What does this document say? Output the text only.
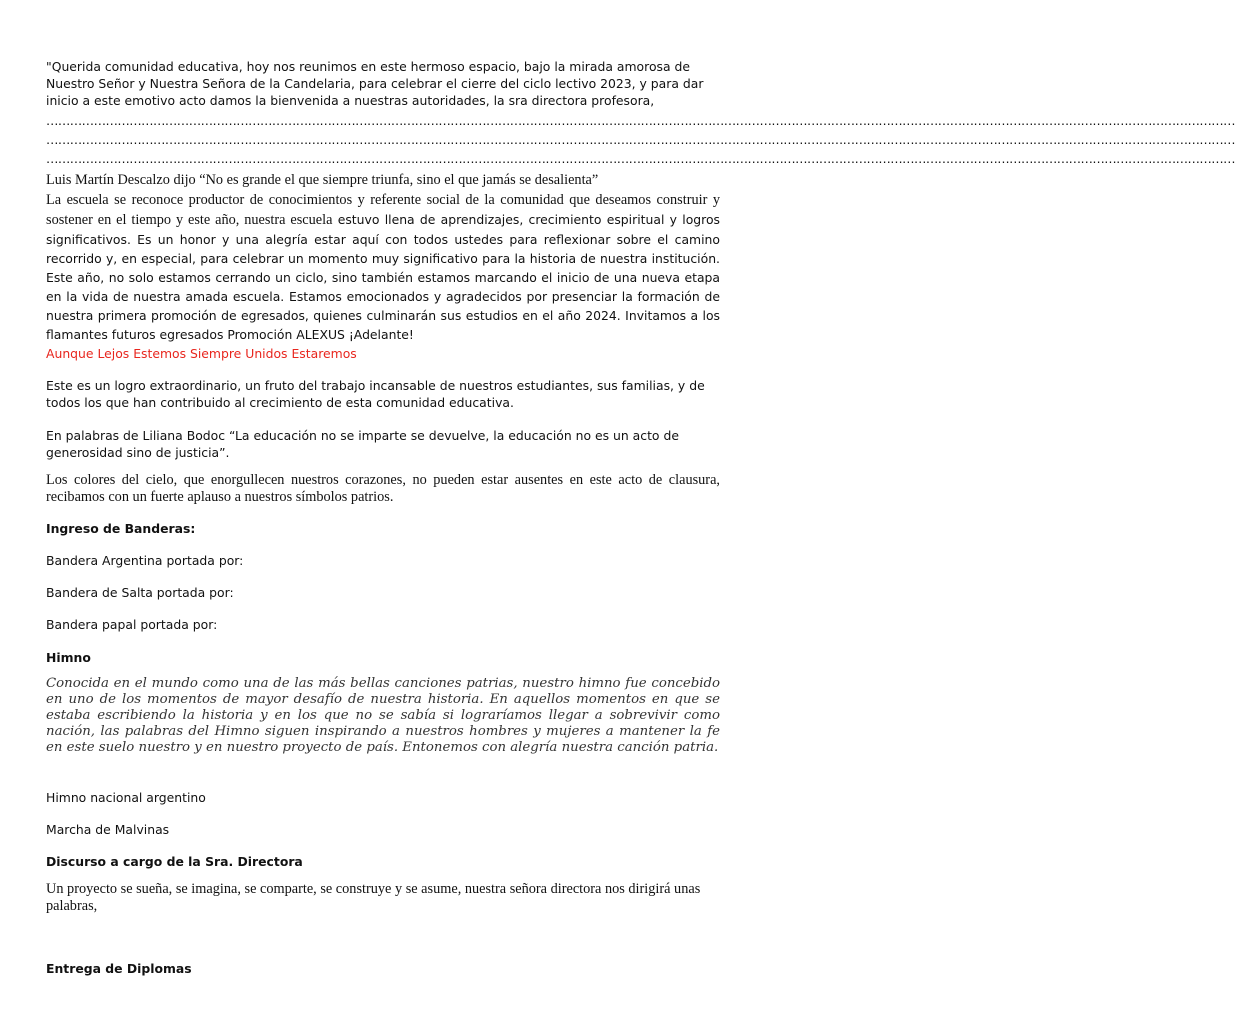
"Querida comunidad educativa, hoy nos reunimos en este hermoso espacio, bajo la mirada amorosa de Nuestro Señor y Nuestra Señora de la Candelaria, para celebrar el cierre del ciclo lectivo 2023, y para dar inicio a este emotivo acto damos la bienvenida a nuestras autoridades, la sra directora profesora,

…………………………………………………………………………………………………………………………………………………………………………………………………………………………………………………………………………
…………………………………………………………………………………………………………………………………………………………………………………………………………………………………………………………………………
…………………………………………………………………………………………………………………………………………………………………………………………………………………………………………………………………………

Luis Martín Descalzo dijo “No es grande el que siempre triunfa, sino el que jamás se desalienta”

La escuela se reconoce productor de conocimientos y referente social de la comunidad que deseamos construir y sostener en el tiempo y este año, nuestra escuela estuvo llena de aprendizajes, crecimiento espiritual y logros significativos. Es un honor y una alegría estar aquí con todos ustedes para reflexionar sobre el camino recorrido y, en especial, para celebrar un momento muy significativo para la historia de nuestra institución. Este año, no solo estamos cerrando un ciclo, sino también estamos marcando el inicio de una nueva etapa en la vida de nuestra amada escuela. Estamos emocionados y agradecidos por presenciar la formación de nuestra primera promoción de egresados, quienes culminarán sus estudios en el año 2024. Invitamos a los flamantes futuros egresados Promoción ALEXUS ¡Adelante!

Aunque Lejos Estemos Siempre Unidos Estaremos

Este es un logro extraordinario, un fruto del trabajo incansable de nuestros estudiantes, sus familias, y de todos los que han contribuido al crecimiento de esta comunidad educativa.

En palabras de Liliana Bodoc “La educación no se imparte se devuelve, la educación no es un acto de generosidad sino de justicia”.

Los colores del cielo, que enorgullecen nuestros corazones, no pueden estar ausentes en este acto de clausura, recibamos con un fuerte aplauso a nuestros símbolos patrios.

Ingreso de Banderas:

Bandera Argentina portada por:

Bandera de Salta portada por:

Bandera papal portada por:

Himno

Conocida en el mundo como una de las más bellas canciones patrias, nuestro himno fue concebido en uno de los momentos de mayor desafío de nuestra historia. En aquellos momentos en que se estaba escribiendo la historia y en los que no se sabía si lograríamos llegar a sobrevivir como nación, las palabras del Himno siguen inspirando a nuestros hombres y mujeres a mantener la fe en este suelo nuestro y en nuestro proyecto de país. Entonemos con alegría nuestra canción patria.

Himno nacional argentino

Marcha de Malvinas

Discurso a cargo de la Sra. Directora

Un proyecto se sueña, se imagina, se comparte, se construye y se asume, nuestra señora directora nos dirigirá unas palabras,

Entrega de Diplomas
